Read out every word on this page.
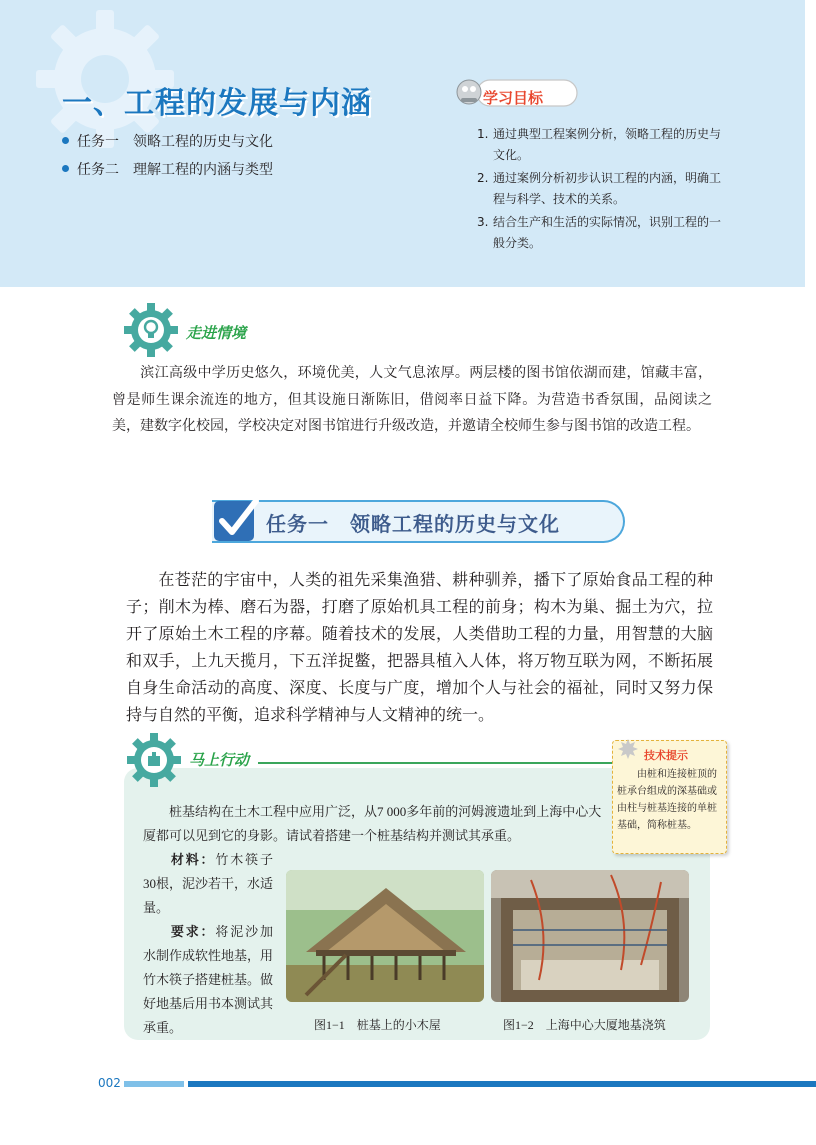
一、工程的发展与内涵
任务一　领略工程的历史与文化
任务二　理解工程的内涵与类型
学习目标
1. 通过典型工程案例分析，领略工程的历史与文化。
2. 通过案例分析初步认识工程的内涵，明确工程与科学、技术的关系。
3. 结合生产和生活的实际情况，识别工程的一般分类。
走进情境
滨江高级中学历史悠久，环境优美，人文气息浓厚。两层楼的图书馆依湖而建，馆藏丰富，曾是师生课余流连的地方，但其设施日渐陈旧，借阅率日益下降。为营造书香氛围，品阅读之美，建数字化校园，学校决定对图书馆进行升级改造，并邀请全校师生参与图书馆的改造工程。
任务一　领略工程的历史与文化
在苍茫的宇宙中，人类的祖先采集渔猎、耕种驯养，播下了原始食品工程的种子；削木为棒、磨石为器，打磨了原始机具工程的前身；构木为巢、掘土为穴，拉开了原始土木工程的序幕。随着技术的发展，人类借助工程的力量，用智慧的大脑和双手，上九天揽月，下五洋捉鳖，把器具植入人体，将万物互联为网，不断拓展自身生命活动的高度、深度、长度与广度，增加个人与社会的福祉，同时又努力保持与自然的平衡，追求科学精神与人文精神的统一。
马上行动
桩基结构在土木工程中应用广泛，从7 000多年前的河姆渡遗址到上海中心大厦都可以见到它的身影。请试着搭建一个桩基结构并测试其承重。

材料：竹木筷子30根，泥沙若干，水适量。

要求：将泥沙加水制作成软性地基，用竹木筷子搭建桩基。做好地基后用书本测试其承重。

技术提示
由桩和连接桩顶的桩承台组成的深基础或由柱与桩基连接的单桩基础，简称桩基。
图1−1　桩基上的小木屋	图1−2　上海中心大厦地基浇筑
002
